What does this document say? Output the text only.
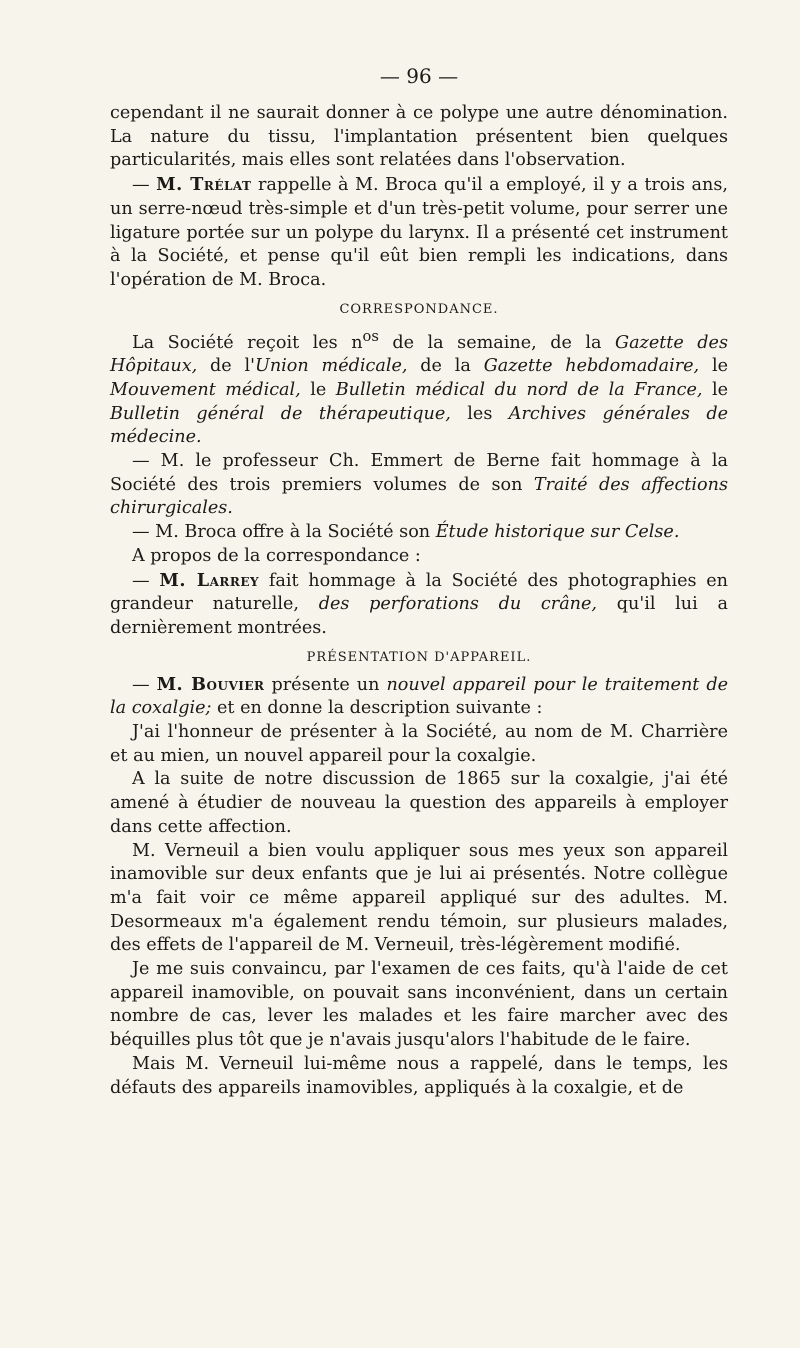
— 96 —

cependant il ne saurait donner à ce polype une autre dénomination. La nature du tissu, l'implantation présentent bien quelques particularités, mais elles sont relatées dans l'observation.

— M. Trélat rappelle à M. Broca qu'il a employé, il y a trois ans, un serre-nœud très-simple et d'un très-petit volume, pour serrer une ligature portée sur un polype du larynx. Il a présenté cet instrument à la Société, et pense qu'il eût bien rempli les indications, dans l'opération de M. Broca.

CORRESPONDANCE.

La Société reçoit les $n^{os}$ de la semaine, de la Gazette des Hôpitaux, de l'Union médicale, de la Gazette hebdomadaire, le Mouvement médical, le Bulletin médical du nord de la France, le Bulletin général de thérapeutique, les Archives générales de médecine.

— M. le professeur Ch. Emmert de Berne fait hommage à la Société des trois premiers volumes de son Traité des affections chirurgicales.

— M. Broca offre à la Société son Étude historique sur Celse.

A propos de la correspondance :

— M. Larrey fait hommage à la Société des photographies en grandeur naturelle, des perforations du crâne, qu'il lui a dernièrement montrées.

PRÉSENTATION D'APPAREIL.

— M. Bouvier présente un nouvel appareil pour le traitement de la coxalgie; et en donne la description suivante :

J'ai l'honneur de présenter à la Société, au nom de M. Charrière et au mien, un nouvel appareil pour la coxalgie.

A la suite de notre discussion de 1865 sur la coxalgie, j'ai été amené à étudier de nouveau la question des appareils à employer dans cette affection.

M. Verneuil a bien voulu appliquer sous mes yeux son appareil inamovible sur deux enfants que je lui ai présentés. Notre collègue m'a fait voir ce même appareil appliqué sur des adultes. M. Desormeaux m'a également rendu témoin, sur plusieurs malades, des effets de l'appareil de M. Verneuil, très-légèrement modifié.

Je me suis convaincu, par l'examen de ces faits, qu'à l'aide de cet appareil inamovible, on pouvait sans inconvénient, dans un certain nombre de cas, lever les malades et les faire marcher avec des béquilles plus tôt que je n'avais jusqu'alors l'habitude de le faire.

Mais M. Verneuil lui-même nous a rappelé, dans le temps, les défauts des appareils inamovibles, appliqués à la coxalgie, et de
